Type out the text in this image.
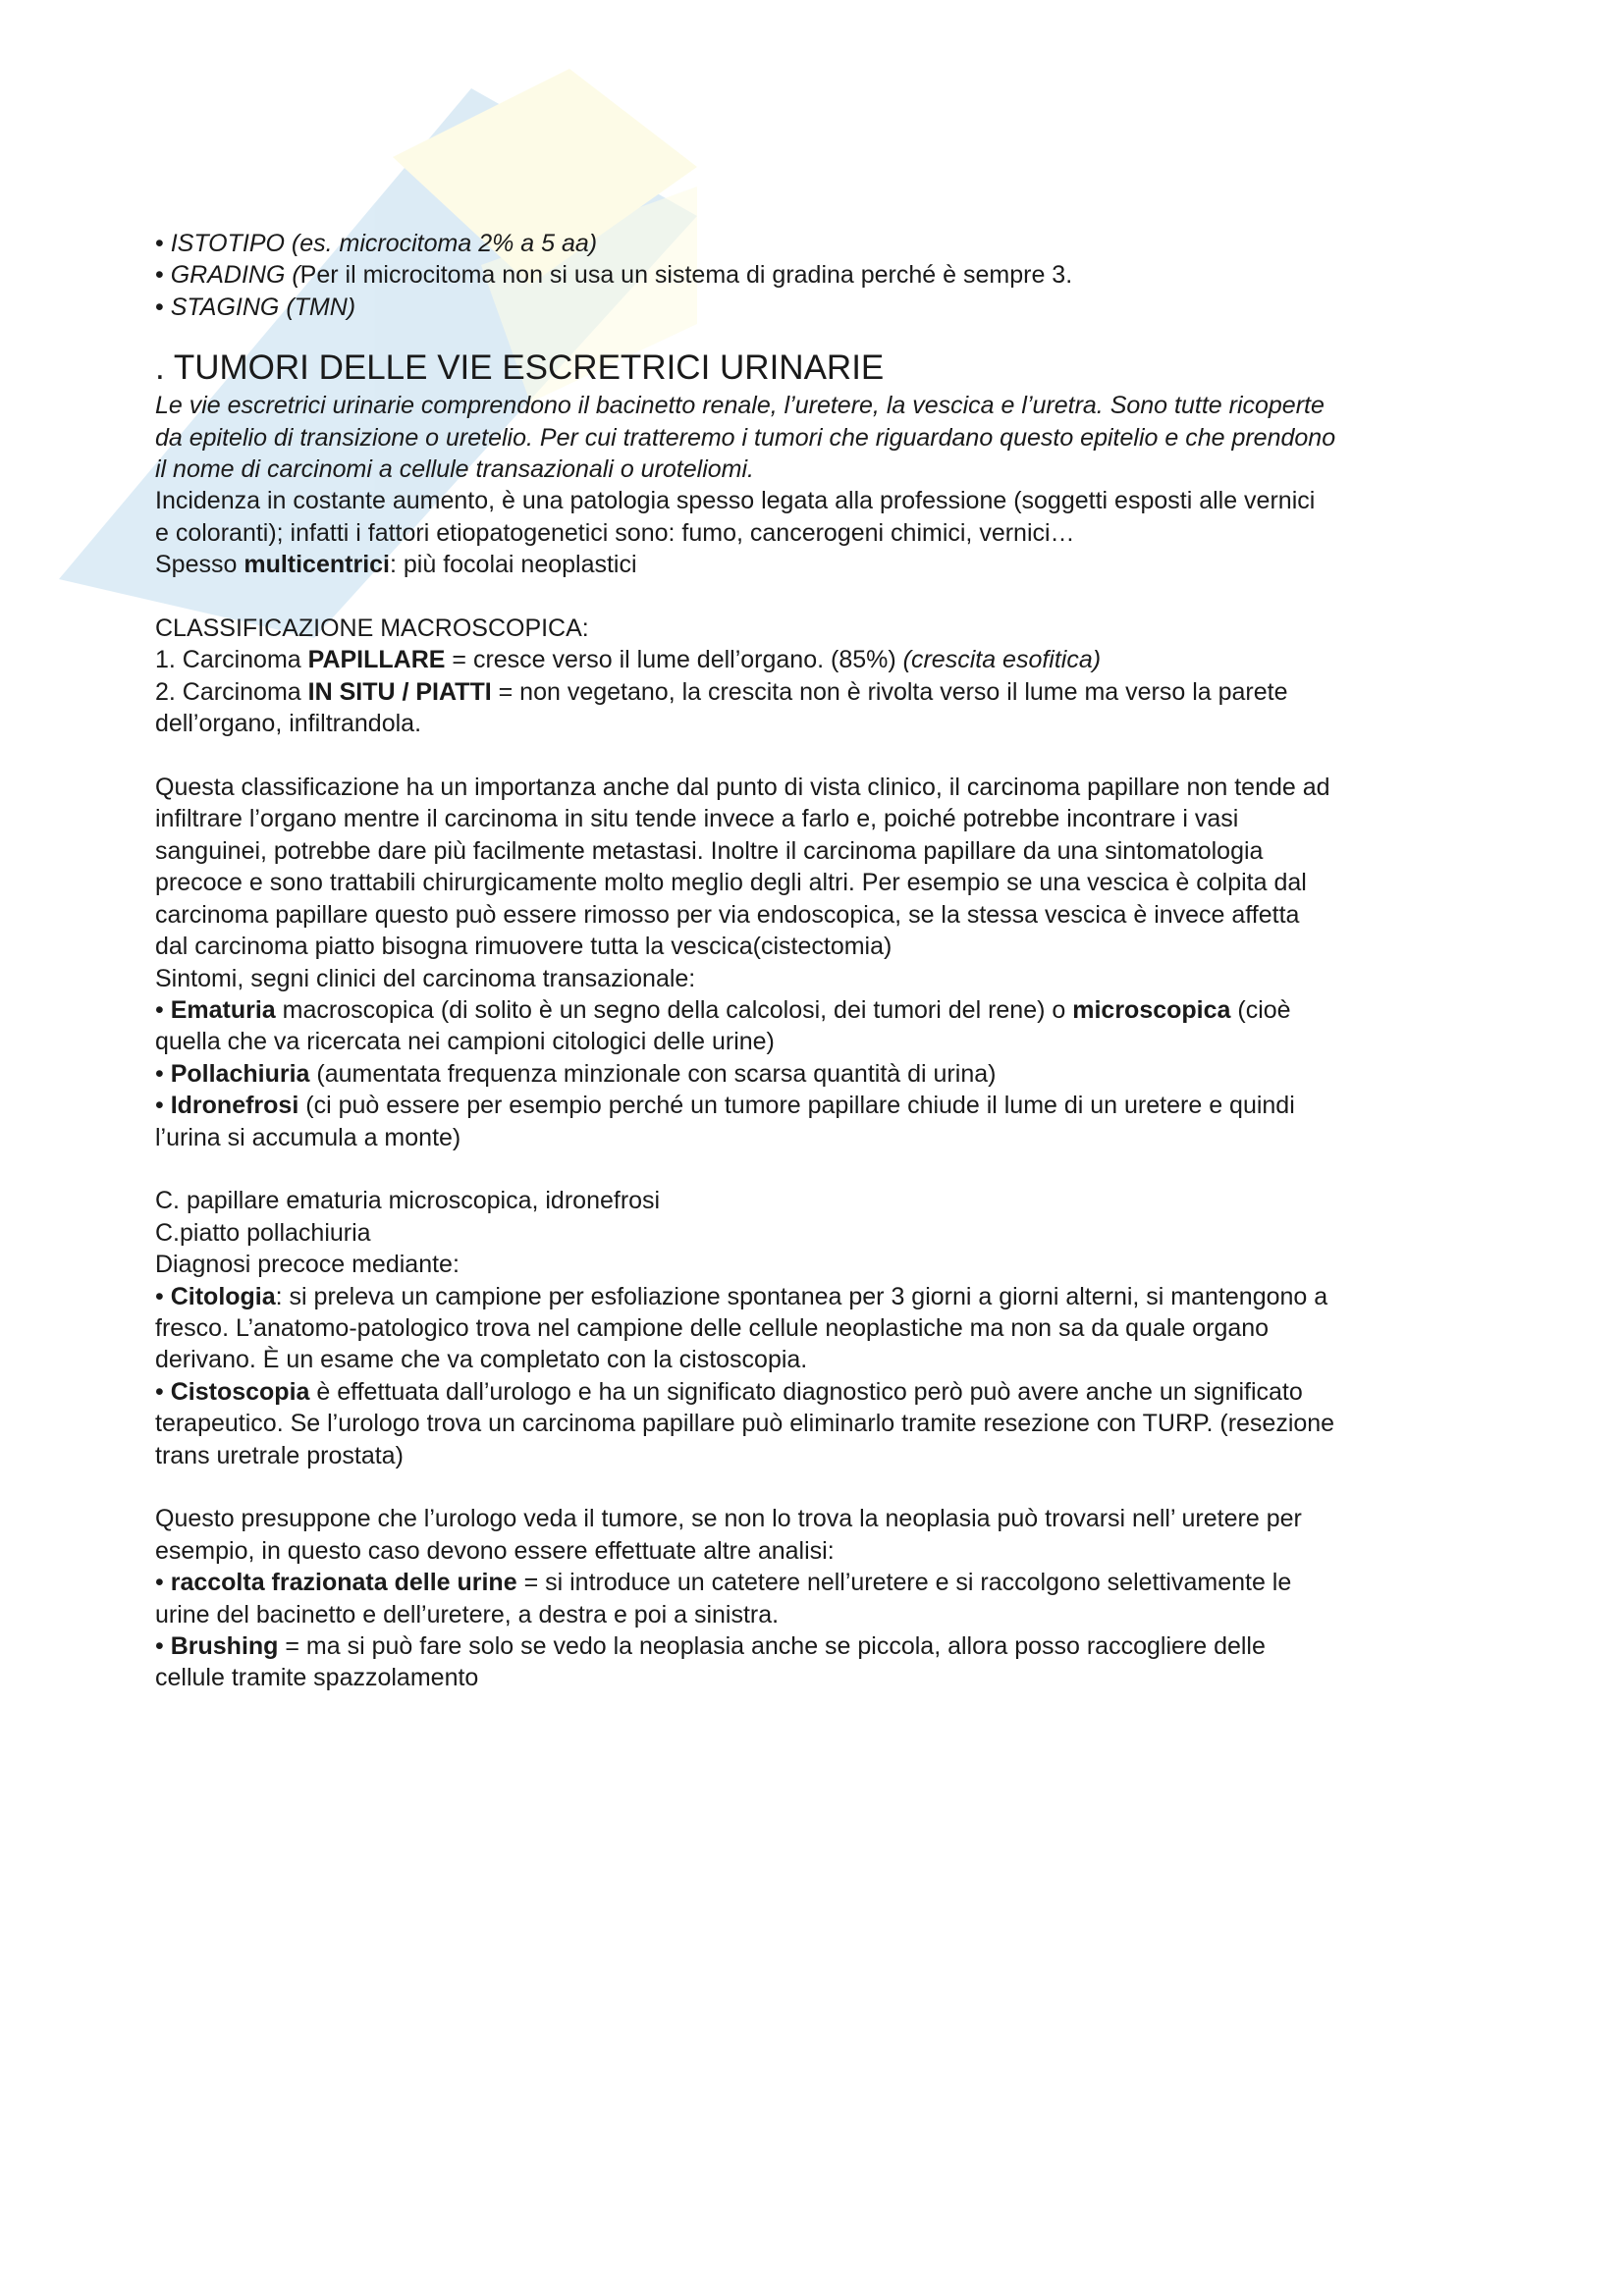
• ISTOTIPO (es. microcitoma 2% a 5 aa)
• GRADING (Per il microcitoma non si usa un sistema di gradina perché è sempre 3.
• STAGING (TMN)
. TUMORI DELLE VIE ESCRETRICI URINARIE
Le vie escretrici urinarie comprendono il bacinetto renale, l’uretere, la vescica e l’uretra. Sono tutte ricoperte
da epitelio di transizione o uretelio. Per cui tratteremo i tumori che riguardano questo epitelio e che prendono
il nome di carcinomi a cellule transazionali o uroteliomi.
Incidenza in costante aumento, è una patologia spesso legata alla professione (soggetti esposti alle vernici
e coloranti); infatti i fattori etiopatogenetici sono: fumo, cancerogeni chimici, vernici…
Spesso multicentrici: più focolai neoplastici
CLASSIFICAZIONE MACROSCOPICA:
1. Carcinoma PAPILLARE = cresce verso il lume dell’organo. (85%) (crescita esofitica)
2. Carcinoma IN SITU / PIATTI = non vegetano, la crescita non è rivolta verso il lume ma verso la parete
dell’organo, infiltrandola.
Questa classificazione ha un importanza anche dal punto di vista clinico, il carcinoma papillare non tende ad
infiltrare l’organo mentre il carcinoma in situ tende invece a farlo e, poiché potrebbe incontrare i vasi
sanguinei, potrebbe dare più facilmente metastasi. Inoltre il carcinoma papillare da una sintomatologia
precoce e sono trattabili chirurgicamente molto meglio degli altri. Per esempio se una vescica è colpita dal
carcinoma papillare questo può essere rimosso per via endoscopica, se la stessa vescica è invece affetta
dal carcinoma piatto bisogna rimuovere tutta la vescica(cistectomia)
Sintomi, segni clinici del carcinoma transazionale:
• Ematuria macroscopica (di solito è un segno della calcolosi, dei tumori del rene) o microscopica (cioè
quella che va ricercata nei campioni citologici delle urine)
• Pollachiuria (aumentata frequenza minzionale con scarsa quantità di urina)
• Idronefrosi (ci può essere per esempio perché un tumore papillare chiude il lume di un uretere e quindi
l’urina si accumula a monte)
C. papillare ematuria microscopica, idronefrosi
C.piatto pollachiuria
Diagnosi precoce mediante:
• Citologia: si preleva un campione per esfoliazione spontanea per 3 giorni a giorni alterni, si mantengono a
fresco. L’anatomo-patologico trova nel campione delle cellule neoplastiche ma non sa da quale organo
derivano. È un esame che va completato con la cistoscopia.
• Cistoscopia è effettuata dall’urologo e ha un significato diagnostico però può avere anche un significato
terapeutico. Se l’urologo trova un carcinoma papillare può eliminarlo tramite resezione con TURP. (resezione
trans uretrale prostata)
Questo presuppone che l’urologo veda il tumore, se non lo trova la neoplasia può trovarsi nell’ uretere per
esempio, in questo caso devono essere effettuate altre analisi:
• raccolta frazionata delle urine = si introduce un catetere nell’uretere e si raccolgono selettivamente le
urine del bacinetto e dell’uretere, a destra e poi a sinistra.
• Brushing = ma si può fare solo se vedo la neoplasia anche se piccola, allora posso raccogliere delle
cellule tramite spazzolamento
